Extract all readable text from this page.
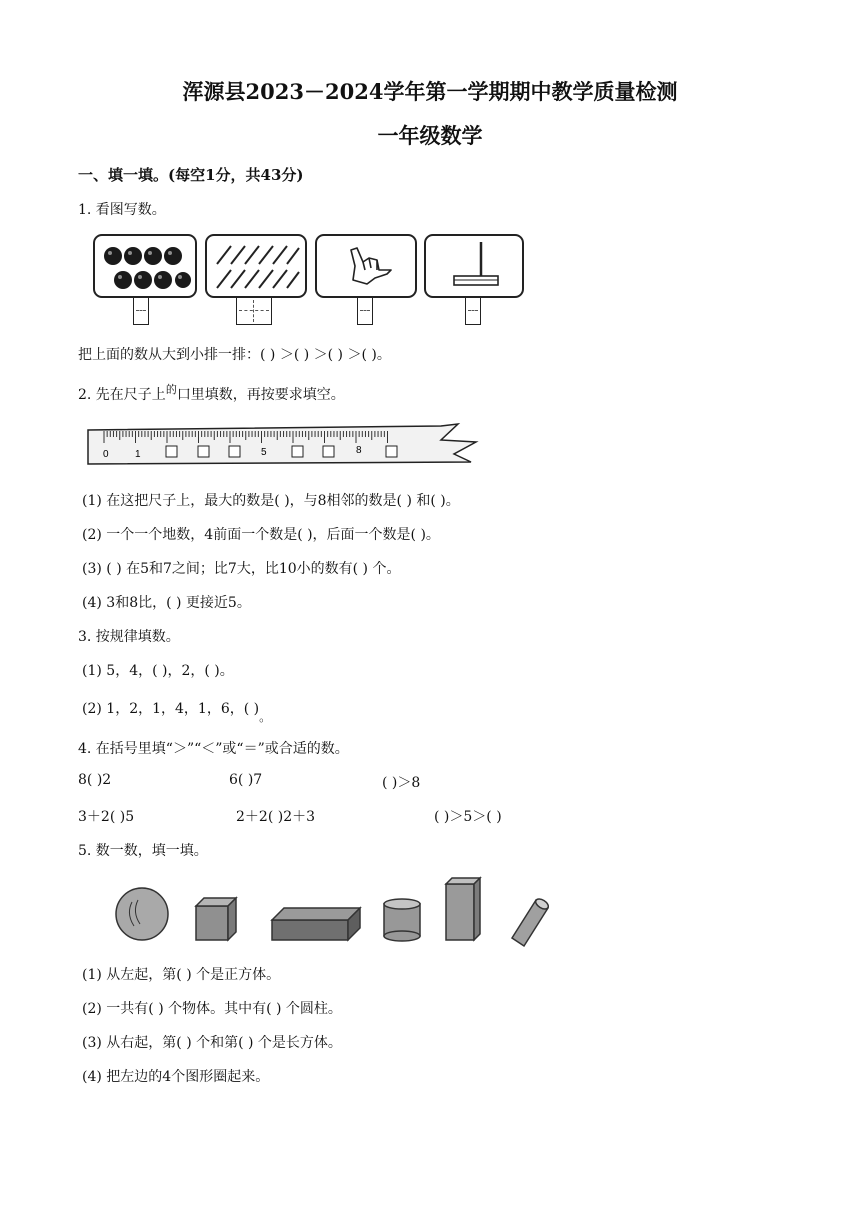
浑源县2023－2024学年第一学期期中教学质量检测
一年级数学
一、填一填。(每空1分，共43分)
1. 看图写数。
把上面的数从大到小排一排：( ) ＞( ) ＞( ) ＞( )。
2. 先在尺子上$^的$口里填数，再按要求填空。
0	1	5	8
(1) 在这把尺子上，最大的数是( )，与8相邻的数是( ) 和( )。
(2) 一个一个地数，4前面一个数是( )，后面一个数是( )。
(3) ( ) 在5和7之间；比7大，比10小的数有( ) 个。
(4) 3和8比，( ) 更接近5。
3. 按规律填数。
(1) 5，4，( )，2，( )。
(2) 1，2，1，4，1，6，( )。
4. 在括号里填“＞”“＜”或“＝”或合适的数。
8( )2	6( )7	( )＞8
3＋2( )5	2＋2( )2＋3	( )＞5＞( )
5. 数一数，填一填。
(1) 从左起，第( ) 个是正方体。
(2) 一共有( ) 个物体。其中有( ) 个圆柱。
(3) 从右起，第( ) 个和第( ) 个是长方体。
(4) 把左边的4个图形圈起来。
